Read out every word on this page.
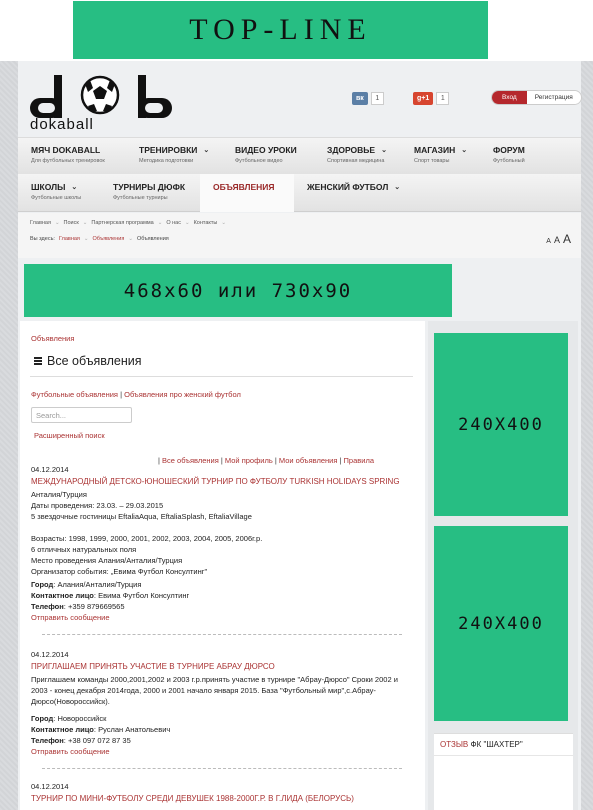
TOP-LINE
dokaball
вк	1	g+1	1	Вход	Регистрация
МЯЧ DOKABALL
Для футбольных тренировок
ТРЕНИРОВКИ ⌄
Методика подготовки
ВИДЕО УРОКИ
Футбольное видео
ЗДОРОВЬЕ ⌄
Спортивная медицина
МАГАЗИН ⌄
Спорт товары
ФОРУМ
Футбольный
ШКОЛЫ ⌄
Футбольные школы
ТУРНИРЫ ДЮФК
Футбольные турниры
ОБЪЯВЛЕНИЯ	ЖЕНСКИЙ ФУТБОЛ ⌄
Главная ⌄ Поиск ⌄ Партнерская программа ⌄ О нас ⌄ Контакты ⌄
Вы здесь: Главная ⌄ Объявления ⌄ Объявления	A A A
468x60 или 730x90
Объявления
Все объявления
Футбольные объявления | Объявления про женский футбол
Search...
Расширенный поиск
| Все объявления | Мой профиль | Мои объявления | Правила
04.12.2014
МЕЖДУНАРОДНЫЙ ДЕТСКО-ЮНОШЕСКИЙ ТУРНИР ПО ФУТБОЛУ TURKISH HOLIDAYS SPRING
Анталия/Турция
Даты проведения: 23.03. – 29.03.2015
5 звездочные гостиницы EftaliaAqua, EftaliaSplash, EftaliaVillage
Возрасты: 1998, 1999, 2000, 2001, 2002, 2003, 2004, 2005, 2006г.р.
6 отличных натуральных поля
Место проведения Алания/Анталия/Турция
Организатор события: „Евима Футбол Консултинг"
Город: Алания/Анталия/Турция
Контактное лицо: Евима Футбол Консултинг
Телефон: +359 879669565
Отправить сообщение
04.12.2014
ПРИГЛАШАЕМ ПРИНЯТЬ УЧАСТИЕ В ТУРНИРЕ АБРАУ ДЮРСО
Приглашаем команды 2000,2001,2002 и 2003 г.р.принять участие в турнире "Абрау-Дюрсо" Сроки 2002 и
2003 - конец декабря 2014года, 2000 и 2001 начало января 2015. База "Футбольный мир",с.Абрау-
Дюрсо(Новороссийск).
Город: Новороссийск
Контактное лицо: Руслан Анатольевич
Телефон: +38 097 072 87 35
Отправить сообщение
04.12.2014
ТУРНИР ПО МИНИ-ФУТБОЛУ СРЕДИ ДЕВУШЕК 1988-2000Г.Р. В Г.ЛИДА (БЕЛОРУСЬ)
240X400
240X400
ОТЗЫВ ФК "ШАХТЕР"
